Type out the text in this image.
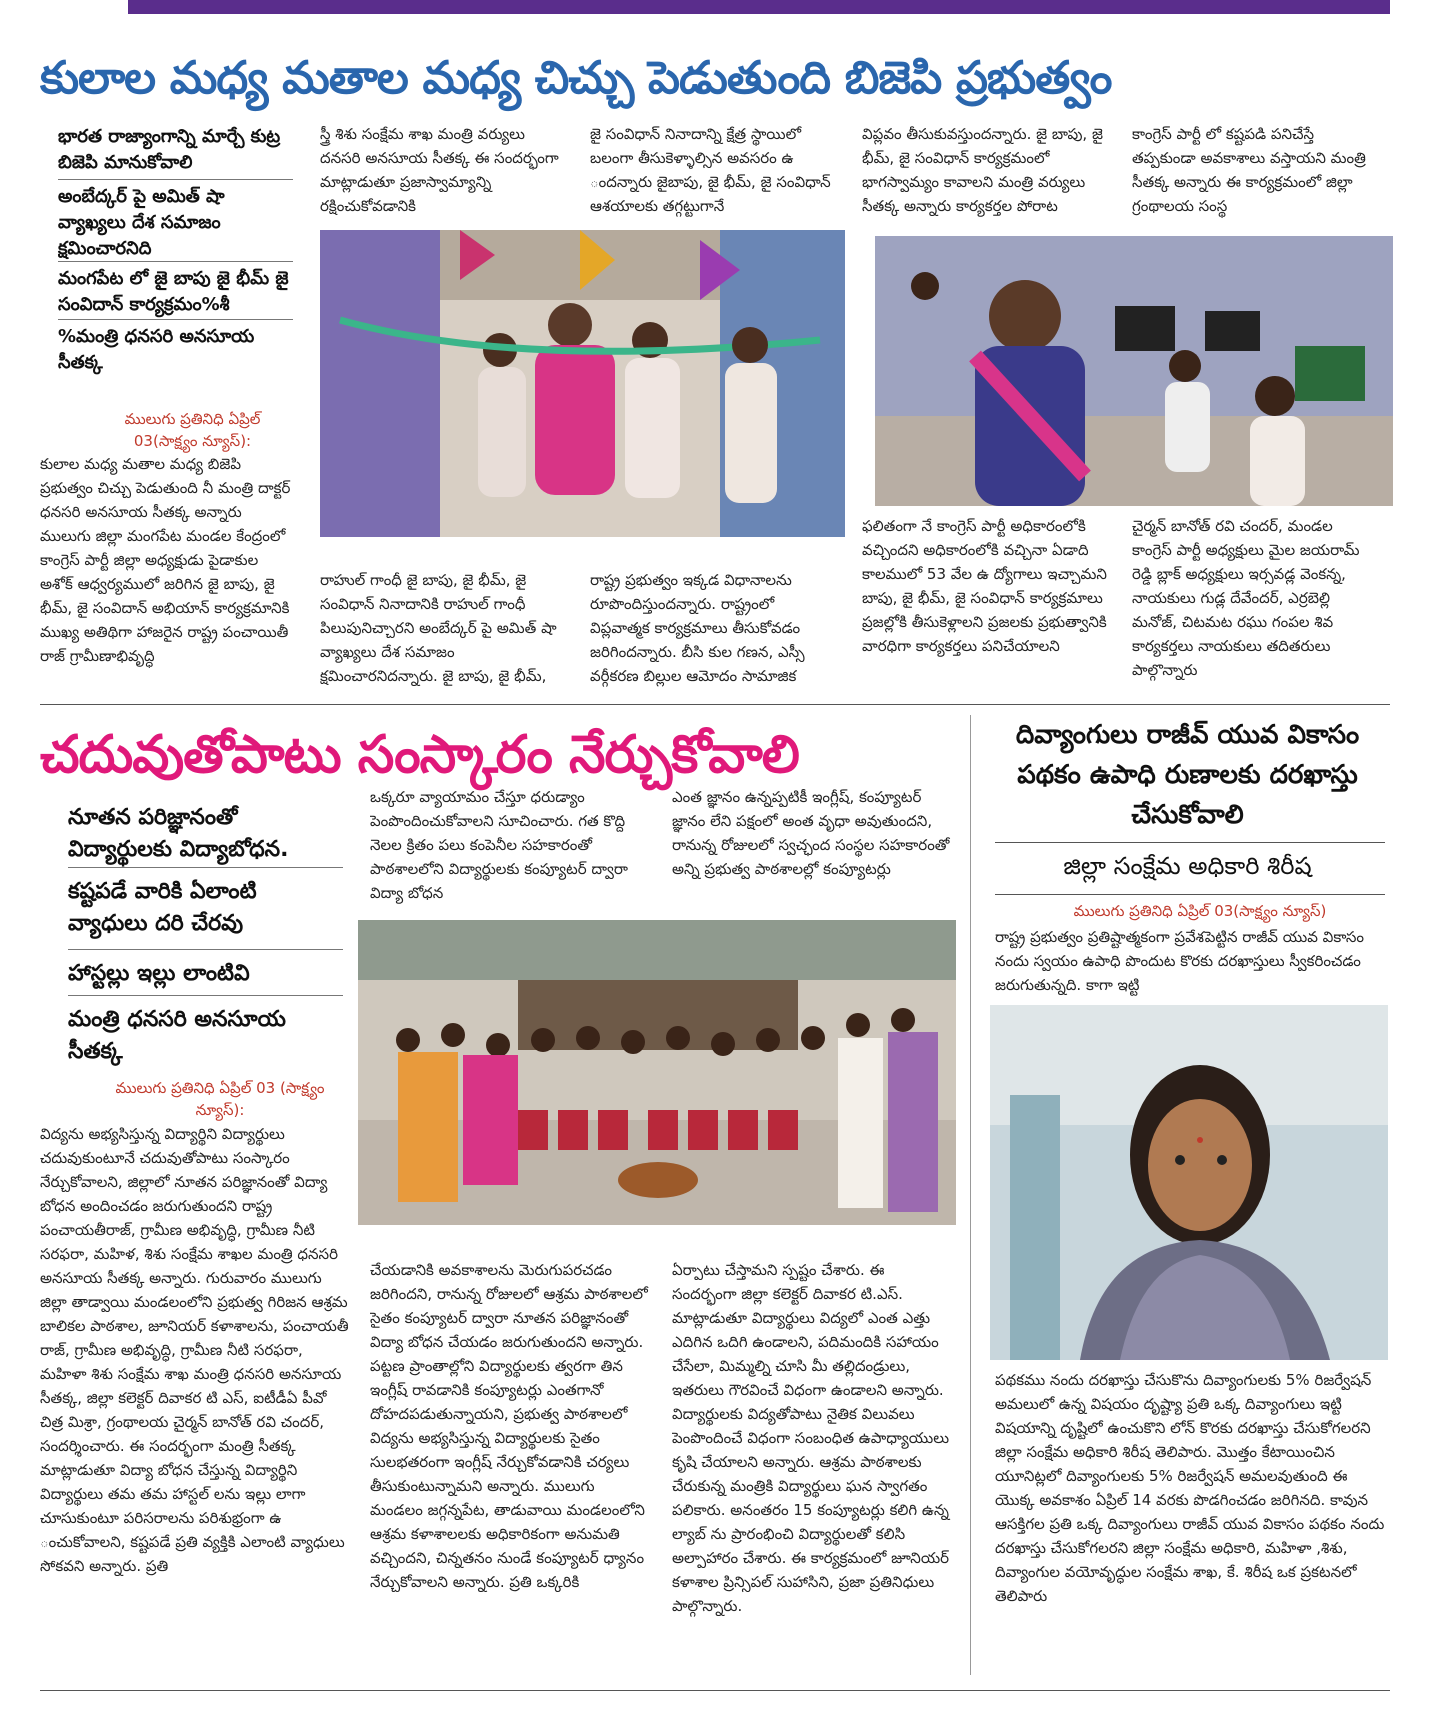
కులాల మధ్య మతాల మధ్య చిచ్చు పెడుతుంది బిజెపి ప్రభుత్వం
భారత రాజ్యాంగాన్ని మార్చే కుట్ర బిజెపి మానుకోవాలి
అంబేద్కర్ పై అమిత్ షా వ్యాఖ్యలు దేశ సమాజం క్షమించారనిది
మంగపేట లో జై బాపు జై భీమ్ జై సంవిదాన్ కార్యక్రమం%శీ
%మంత్రి ధనసరి అనసూయ సీతక్క
ములుగు ప్రతినిధి ఏప్రిల్ 03(సాక్ష్యం న్యూస్):
కులాల మధ్య మతాల మధ్య బిజెపి ప్రభుత్వం చిచ్చు పెడుతుంది నీ మంత్రి దాక్టర్ ధనసరి అనసూయ సీతక్క అన్నారు ములుగు జిల్లా మంగపేట మండల కేంద్రంలో కాంగ్రెస్ పార్టీ జిల్లా అధ్యక్షుడు పైడాకుల అశోక్ ఆధ్వర్యములో జరిగిన జై బాపు, జై భీమ్, జై సంవిదాన్ అభియాన్ కార్యక్రమానికి ముఖ్య అతిథిగా హాజరైన రాష్ట్ర పంచాయితీ రాజ్ గ్రామీణాభివృద్ధి
స్త్రీ శిశు సంక్షేమ శాఖ మంత్రి వర్యులు దనసరి అనసూయ సీతక్క ఈ సందర్భంగా మాట్లాడుతూ ప్రజాస్వామ్యాన్ని రక్షించుకోవడానికి
జై సంవిధాన్ నినాదాన్ని క్షేత్ర స్థాయిలో బలంగా తీసుకెళ్ళాల్సిన అవసరం ఉ ందన్నారు జైబాపు, జై భీమ్, జై సంవిధాన్ ఆశయాలకు తగ్గట్టుగానే
విప్లవం తీసుకువస్తుందన్నారు. జై బాపు, జై భీమ్, జై సంవిధాన్ కార్యక్రమంలో భాగస్వామ్యం కావాలని మంత్రి వర్యులు సీతక్క అన్నారు కార్యకర్తల పోరాట
కాంగ్రెస్ పార్టీ లో కష్టపడి పనిచేస్తే తప్పకుండా అవకాశాలు వస్తాయని మంత్రి సీతక్క అన్నారు ఈ కార్యక్రమంలో జిల్లా గ్రంథాలయ సంస్థ
రాహుల్ గాంధీ జై బాపు, జై భీమ్, జై సంవిధాన్ నినాదానికి రాహుల్ గాంధీ పిలుపునిచ్చారని అంబేద్కర్ పై అమిత్ షా వ్యాఖ్యలు దేశ సమాజం క్షమించారనిదన్నారు. జై బాపు, జై భీమ్,
రాష్ట్ర ప్రభుత్వం ఇక్కడ విధానాలను రూపొందిస్తుందన్నారు. రాష్ట్రంలో విప్లవాత్మక కార్యక్రమాలు తీసుకోవడం జరిగిందన్నారు. బీసి కుల గణన, ఎస్సీ వర్గీకరణ బిల్లుల ఆమోదం సామాజిక
ఫలితంగా నే కాంగ్రెస్ పార్టీ అధికారంలోకి వచ్చిందని అధికారంలోకి వచ్చినా ఏడాది కాలములో 53 వేల ఉ ద్యోగాలు ఇచ్చామని బాపు, జై భీమ్, జై సంవిధాన్ కార్యక్రమాలు ప్రజల్లోకి తీసుకెళ్లాలని ప్రజలకు ప్రభుత్వానికి వారధిగా కార్యకర్తలు పనిచేయాలని
చైర్మన్ బానోత్ రవి చందర్, మండల కాంగ్రెస్ పార్టీ అధ్యక్షులు మైల జయరామ్ రెడ్డి బ్లాక్ అధ్యక్షులు ఇర్సవడ్ల వెంకన్న, నాయకులు గుడ్ల దేవేందర్, ఎర్రబెల్లి మనోజ్, చిటమట రఘు గంపల శివ కార్యకర్తలు నాయకులు తదితరులు పాల్గొన్నారు
చదువుతోపాటు సంస్కారం నేర్చుకోవాలి
నూతన పరిజ్ఞానంతో విద్యార్థులకు విద్యాబోధన.
కష్టపడే వారికి ఏలాంటి వ్యాధులు దరి చేరవు
హాస్టల్లు ఇల్లు లాంటివి
మంత్రి ధనసరి అనసూయ సీతక్క
ములుగు ప్రతినిధి ఏప్రిల్ 03 (సాక్ష్యం న్యూస్):
విద్యను అభ్యసిస్తున్న విద్యార్థిని విద్యార్థులు చదువుకుంటూనే చదువుతోపాటు సంస్కారం నేర్చుకోవాలని, జిల్లాలో నూతన పరిజ్ఞానంతో విద్యా బోధన అందించడం జరుగుతుందని రాష్ట్ర పంచాయతీరాజ్, గ్రామీణ అభివృద్ధి, గ్రామీణ నీటి సరఫరా, మహిళ, శిశు సంక్షేమ శాఖల మంత్రి ధనసరి అనసూయ సీతక్క అన్నారు. గురువారం ములుగు జిల్లా తాడ్వాయి మండలంలోని ప్రభుత్వ గిరిజన ఆశ్రమ బాలికల పాఠశాల, జూనియర్ కళాశాలను, పంచాయతీ రాజ్, గ్రామీణ అభివృద్ధి, గ్రామీణ నీటి సరఫరా, మహిళా శిశు సంక్షేమ శాఖ మంత్రి ధనసరి అనసూయ సీతక్క, జిల్లా కలెక్టర్ దివాకర టి ఎస్, ఐటీడీఏ పీవో చిత్ర మిశ్రా, గ్రంథాలయ చైర్మన్ బానోత్ రవి చందర్, సందర్శించారు. ఈ సందర్భంగా మంత్రి సీతక్క మాట్లాడుతూ విద్యా బోధన చేస్తున్న విద్యార్థిని విద్యార్థులు తమ తమ హాస్టల్ లను ఇల్లు లాగా చూసుకుంటూ పరిసరాలను పరిశుభ్రంగా ఉ ంచుకోవాలని, కష్టపడే ప్రతి వ్యక్తికి ఎలాంటి వ్యాధులు సోకవని అన్నారు. ప్రతి
ఒక్కరూ వ్యాయామం చేస్తూ ధరుడ్యాం పెంపొందించుకోవాలని సూచించారు. గత కొద్ది నెలల క్రితం పలు కంపెనీల సహకారంతో పాఠశాలలోని విద్యార్థులకు కంప్యూటర్ ద్వారా విద్యా బోధన
ఎంత జ్ఞానం ఉన్నప్పటికీ ఇంగ్లీష్, కంప్యూటర్ జ్ఞానం లేని పక్షంలో అంత వృధా అవుతుందని, రానున్న రోజులలో స్వచ్ఛంద సంస్థల సహకారంతో అన్ని ప్రభుత్వ పాఠశాలల్లో కంప్యూటర్లు
చేయడానికి అవకాశాలను మెరుగుపరచడం జరిగిందని, రానున్న రోజులలో ఆశ్రమ పాఠశాలలో సైతం కంప్యూటర్ ద్వారా నూతన పరిజ్ఞానంతో విద్యా బోధన చేయడం జరుగుతుందని అన్నారు. పట్టణ ప్రాంతాల్లోని విద్యార్థులకు త్వరగా తిన ఇంగ్లీష్ రావడానికి కంప్యూటర్లు ఎంతగానో దోహదపడుతున్నాయని, ప్రభుత్వ పాఠశాలలో విద్యను అభ్యసిస్తున్న విద్యార్థులకు సైతం సులభతరంగా ఇంగ్లీష్ నేర్చుకోవడానికి చర్యలు తీసుకుంటున్నామని అన్నారు. ములుగు మండలం జగ్గన్నపేట, తాడువాయి మండలంలోని ఆశ్రమ కళాశాలలకు అధికారికంగా అనుమతి వచ్చిందని, చిన్నతనం నుండే కంప్యూటర్ ధ్యానం నేర్చుకోవాలని అన్నారు. ప్రతి ఒక్కరికి
ఏర్పాటు చేస్తామని స్పష్టం చేశారు. ఈ సందర్భంగా జిల్లా కలెక్టర్ దివాకర టి.ఎస్. మాట్లాడుతూ విద్యార్థులు విద్యలో ఎంత ఎత్తు ఎదిగిన ఒదిగి ఉండాలని, పదిమందికి సహాయం చేసేలా, మిమ్మల్ని చూసి మీ తల్లిదండ్రులు, ఇతరులు గౌరవించే విధంగా ఉండాలని అన్నారు. విద్యార్థులకు విద్యతోపాటు నైతిక విలువలు పెంపొందించే విధంగా సంబంధిత ఉపాధ్యాయులు కృషి చేయాలని అన్నారు. ఆశ్రమ పాఠశాలకు చేరుకున్న మంత్రికి విద్యార్థులు ఘన స్వాగతం పలికారు. అనంతరం 15 కంప్యూటర్లు కలిగి ఉన్న ల్యాబ్ ను ప్రారంభించి విద్యార్థులతో కలిసి అల్పాహారం చేశారు. ఈ కార్యక్రమంలో జూనియర్ కళాశాల ప్రిన్సిపల్ సుహాసిని, ప్రజా ప్రతినిధులు పాల్గొన్నారు.
దివ్యాంగులు రాజీవ్ యువ వికాసం పథకం ఉపాధి రుణాలకు దరఖాస్తు చేసుకోవాలి
జిల్లా సంక్షేమ అధికారి శిరీష
ములుగు ప్రతినిధి ఏప్రిల్ 03(సాక్ష్యం న్యూస్)
రాష్ట్ర ప్రభుత్వం ప్రతిష్టాత్మకంగా ప్రవేశపెట్టిన రాజీవ్ యువ వికాసం నందు స్వయం ఉపాధి పొందుట కొరకు దరఖాస్తులు స్వీకరించడం జరుగుతున్నది. కాగా ఇట్టి
పథకము నందు దరఖాస్తు చేసుకొను దివ్యాంగులకు 5% రిజర్వేషన్ అమలులో ఉన్న విషయం దృష్ట్యా ప్రతి ఒక్క దివ్యాంగులు ఇట్టి విషయాన్ని దృష్టిలో ఉంచుకొని లోన్ కొరకు దరఖాస్తు చేసుకోగలరని జిల్లా సంక్షేమ అధికారి శిరీష తెలిపారు. మొత్తం కేటాయించిన యూనిట్లలో దివ్యాంగులకు 5% రిజర్వేషన్ అమలవుతుంది ఈ యొక్క అవకాశం ఏప్రిల్ 14 వరకు పొడగించడం జరిగినది. కావున ఆసక్తిగల ప్రతి ఒక్క దివ్యాంగులు రాజీవ్ యువ వికాసం పథకం నందు దరఖాస్తు చేసుకోగలరని జిల్లా సంక్షేమ అధికారి, మహిళా ,శిశు, దివ్యాంగుల వయోవృద్ధుల సంక్షేమ శాఖ, కే. శిరీష ఒక ప్రకటనలో తెలిపారు
